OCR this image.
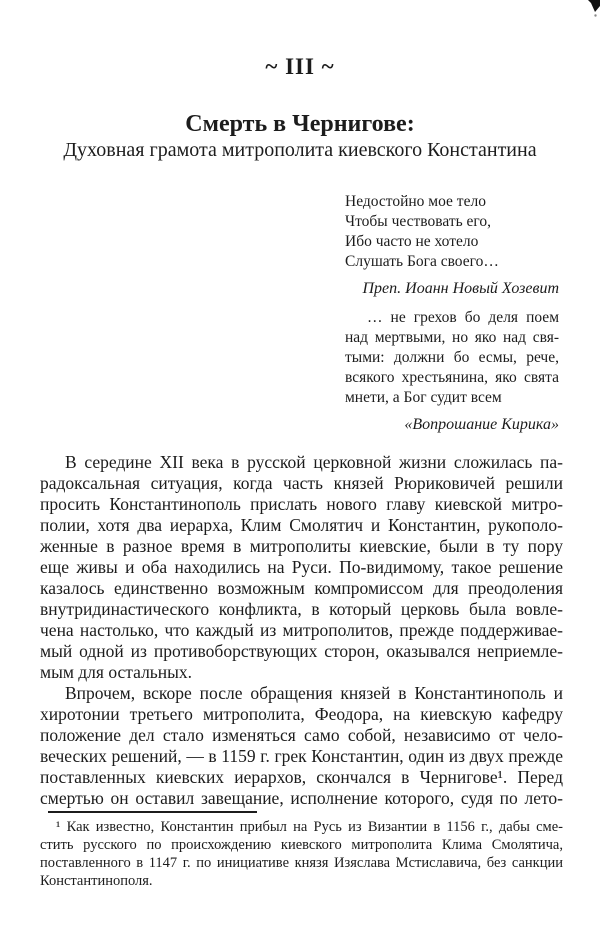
~ III ~
Смерть в Чернигове:
Духовная грамота митрополита киевского Константина
Недостойно мое тело
Чтобы чествовать его,
Ибо часто не хотело
Слушать Бога своего…
Преп. Иоанн Новый Хозевит
… не грехов бо деля поем
над мертвыми, но яко над свя-
тыми: должни бо есмы, рече,
всякого хрестьянина, яко свята
мнети, а Бог судит всем
«Вопрошание Кирика»
В середине XII века в русской церковной жизни сложилась па-
радоксальная ситуация, когда часть князей Рюриковичей решили
просить Константинополь прислать нового главу киевской митро-
полии, хотя два иерарха, Клим Смолятич и Константин, рукополо-
женные в разное время в митрополиты киевские, были в ту пору
еще живы и оба находились на Руси. По-видимому, такое решение
казалось единственно возможным компромиссом для преодоления
внутридинастического конфликта, в который церковь была вовле-
чена настолько, что каждый из митрополитов, прежде поддерживае-
мый одной из противоборствующих сторон, оказывался неприемле-
мым для остальных.
Впрочем, вскоре после обращения князей в Константинополь и
хиротонии третьего митрополита, Феодора, на киевскую кафедру
положение дел стало изменяться само собой, независимо от чело-
веческих решений, — в 1159 г. грек Константин, один из двух прежде
поставленных киевских иерархов, скончался в Чернигове¹. Перед
смертью он оставил завещание, исполнение которого, судя по лето-
¹ Как известно, Константин прибыл на Русь из Византии в 1156 г., дабы сме-
стить русского по происхождению киевского митрополита Клима Смолятича,
поставленного в 1147 г. по инициативе князя Изяслава Мстиславича, без санкции
Константинополя.
